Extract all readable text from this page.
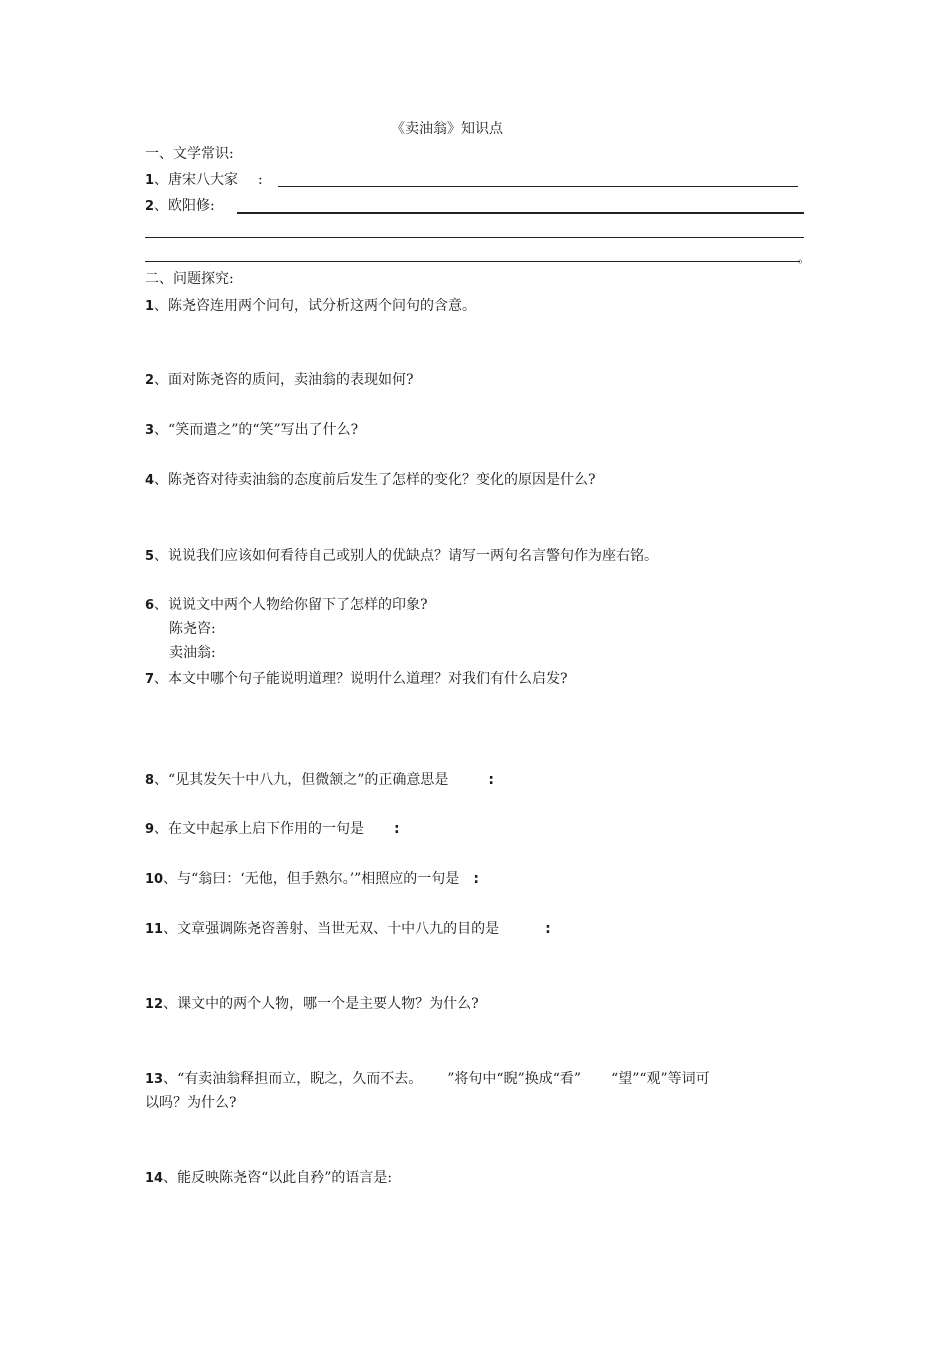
《卖油翁》知识点
一、文学常识:
1、唐宋八大家 :
2、欧阳修:
。
二、问题探究:
1、陈尧咨连用两个问句，试分析这两个问句的含意。
2、面对陈尧咨的质问，卖油翁的表现如何?
3、“笑而遣之”的“笑”写出了什么?
4、陈尧咨对待卖油翁的态度前后发生了怎样的变化？变化的原因是什么?
5、说说我们应该如何看待自己或别人的优缺点？请写一两句名言警句作为座右铭。
6、说说文中两个人物给你留下了怎样的印象?
陈尧咨:
卖油翁:
7、本文中哪个句子能说明道理？说明什么道理？对我们有什么启发?
8、“见其发矢十中八九，但微颔之”的正确意思是	:
9、在文中起承上启下作用的一句是 :
10、与“翁曰：‘无他，但手熟尔。’”相照应的一句是 :
11、文章强调陈尧咨善射、当世无双、十中八九的目的是	:
12、课文中的两个人物，哪一个是主要人物？为什么?
13、“有卖油翁释担而立，睨之，久而不去。 ”将句中“睨”换成“看” “望”“观”等词可
以吗？为什么?
14、能反映陈尧咨“以此自矜”的语言是:
